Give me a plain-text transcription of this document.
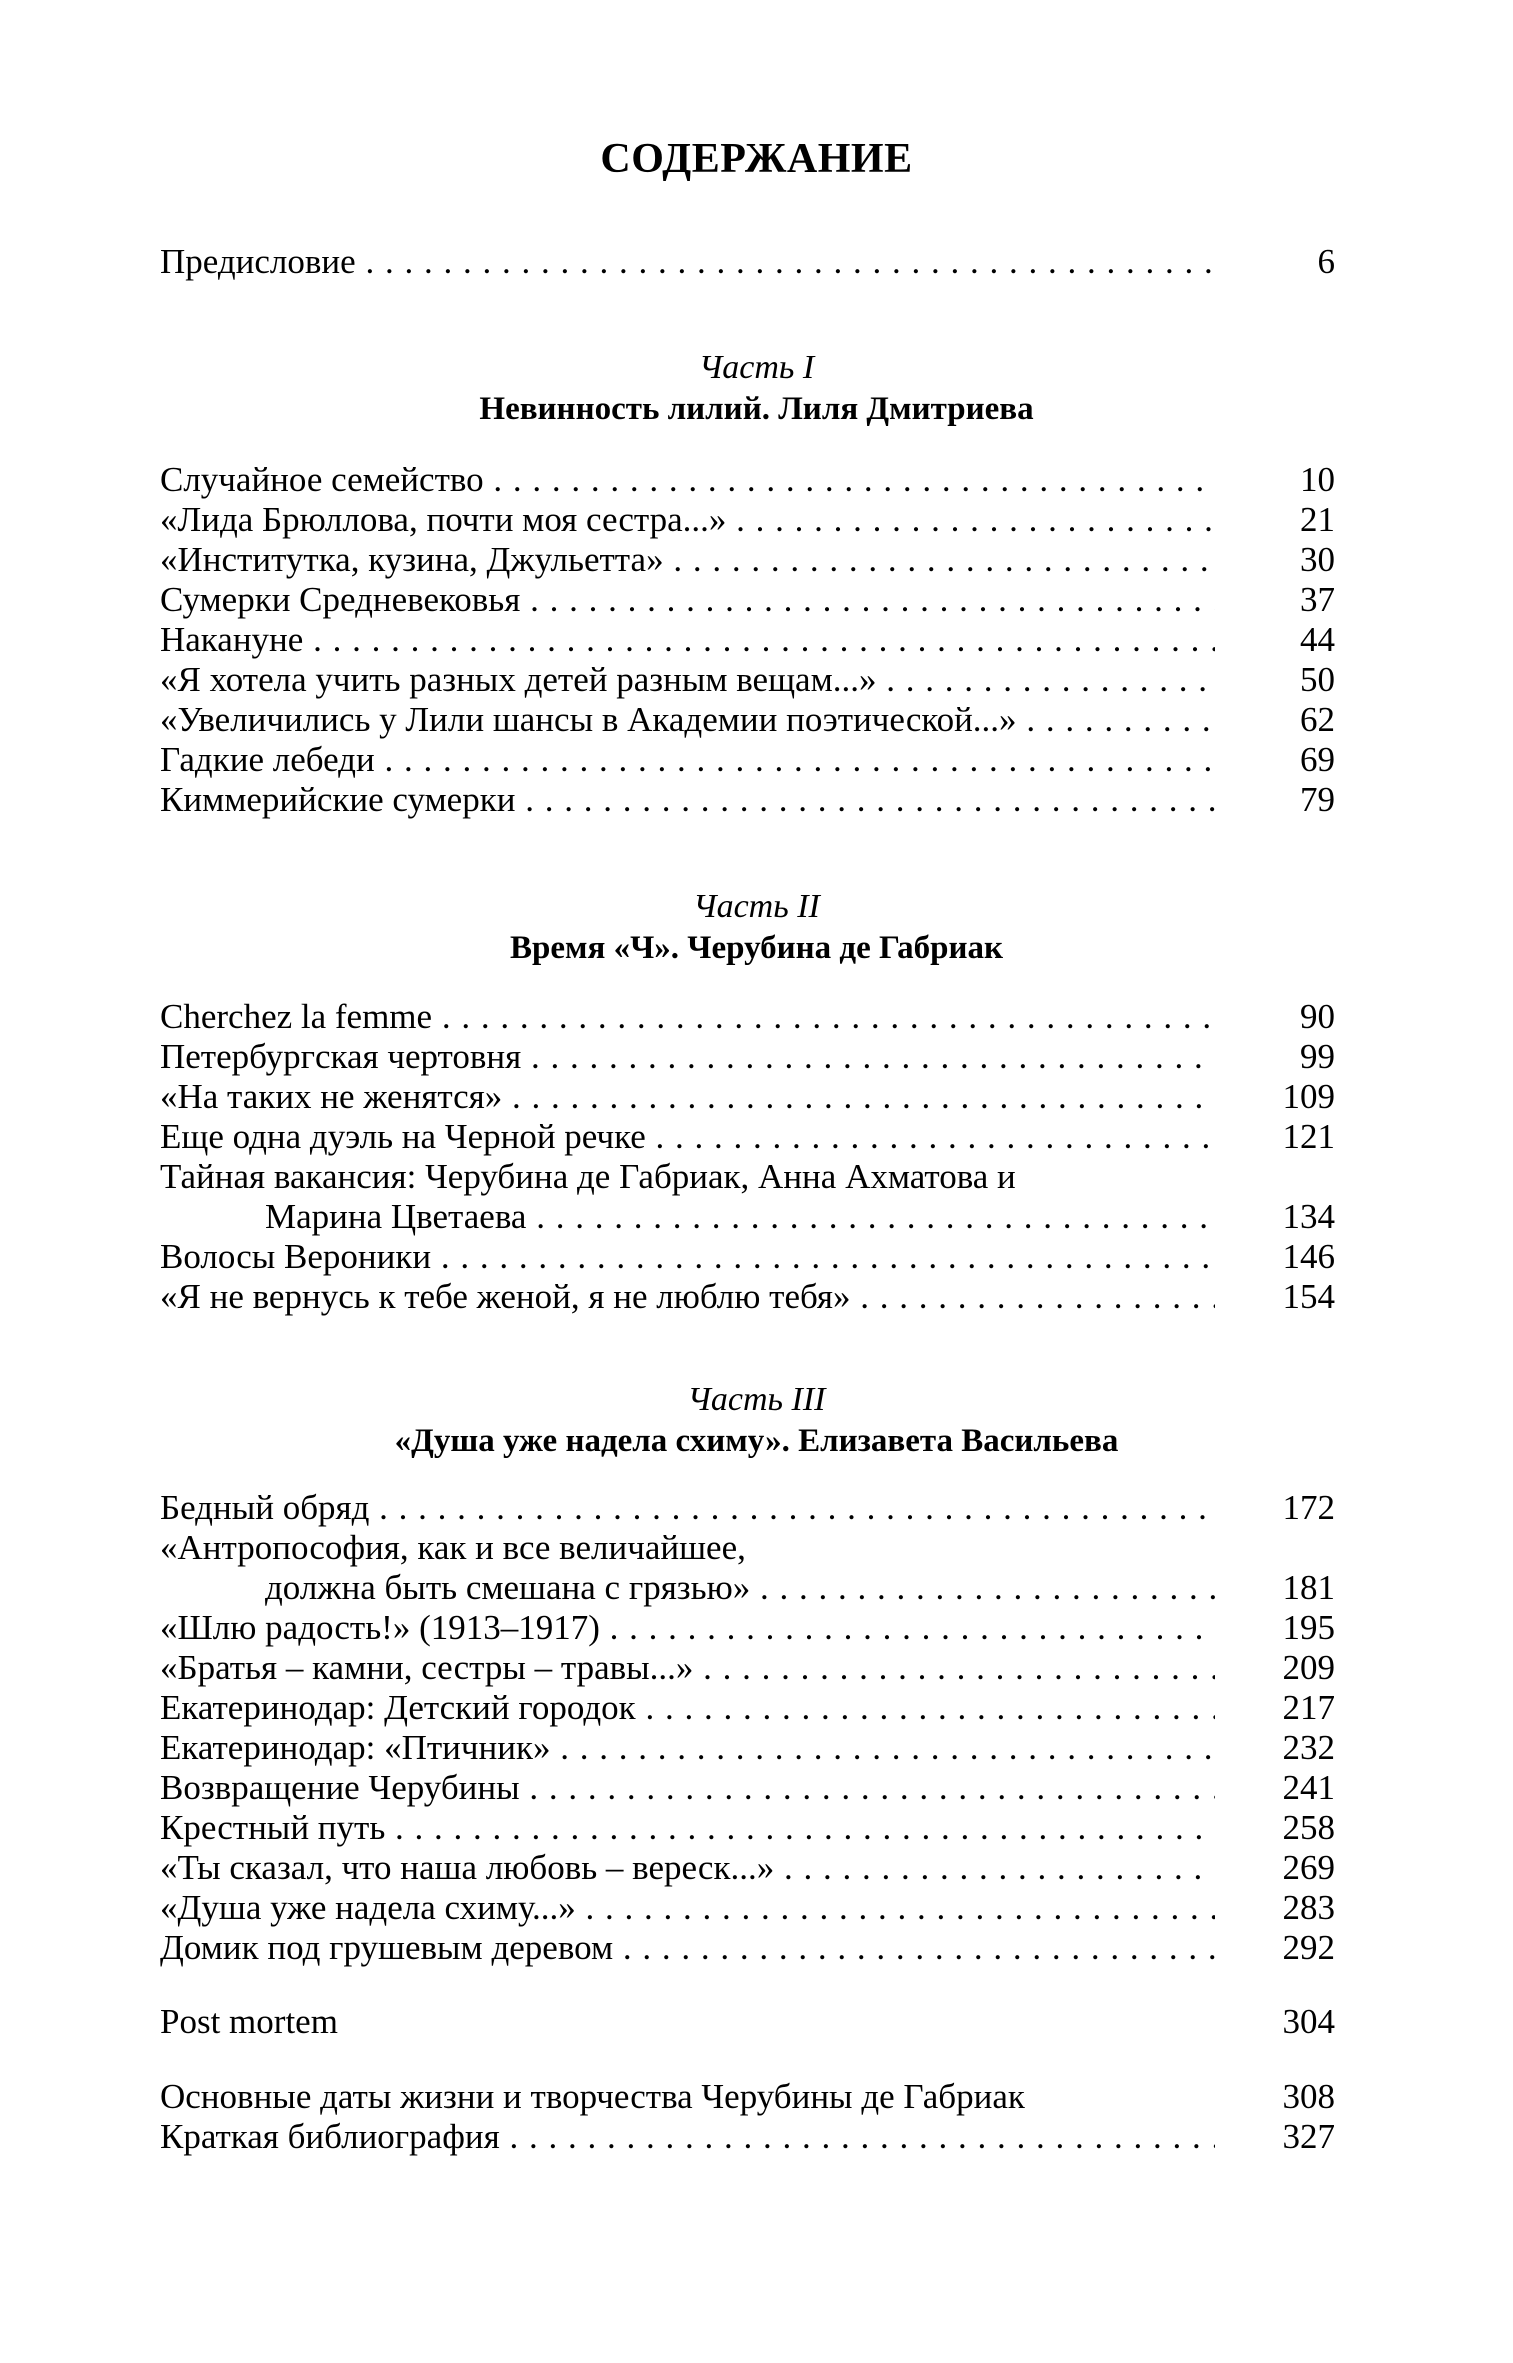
СОДЕРЖАНИЕ
Предисловие . . .	6
Часть I
Невинность лилий. Лиля Дмитриева
Случайное семейство . . .	10
«Лида Брюллова, почти моя сестра...» . . .	21
«Институтка, кузина, Джульетта» . . .	30
Сумерки Средневековья . . .	37
Накануне . . .	44
«Я хотела учить разных детей разным вещам...» . . .	50
«Увеличились у Лили шансы в Академии поэтической...» . . .	62
Гадкие лебеди . . .	69
Киммерийские сумерки . . .	79
Часть II
Время «Ч». Черубина де Габриак
Cherchez la femme . . .	90
Петербургская чертовня . . .	99
«На таких не женятся» . . .	109
Еще одна дуэль на Черной речке . . .	121
Тайная вакансия: Черубина де Габриак, Анна Ахматова и
Марина Цветаева . . .	134
Волосы Вероники . . .	146
«Я не вернусь к тебе женой, я не люблю тебя» . . .	154
Часть III
«Душа уже надела схиму». Елизавета Васильева
Бедный обряд . . .	172
«Антропософия, как и все величайшее,
должна быть смешана с грязью» . . .	181
«Шлю радость!» (1913–1917) . . .	195
«Братья – камни, сестры – травы...» . . .	209
Екатеринодар: Детский городок . . .	217
Екатеринодар: «Птичник» . . .	232
Возвращение Черубины . . .	241
Крестный путь . . .	258
«Ты сказал, что наша любовь – вереск...» . . .	269
«Душа уже надела схиму...» . . .	283
Домик под грушевым деревом . . .	292
Post mortem	304
Основные даты жизни и творчества Черубины де Габриак	308
Краткая библиография . . .	327
